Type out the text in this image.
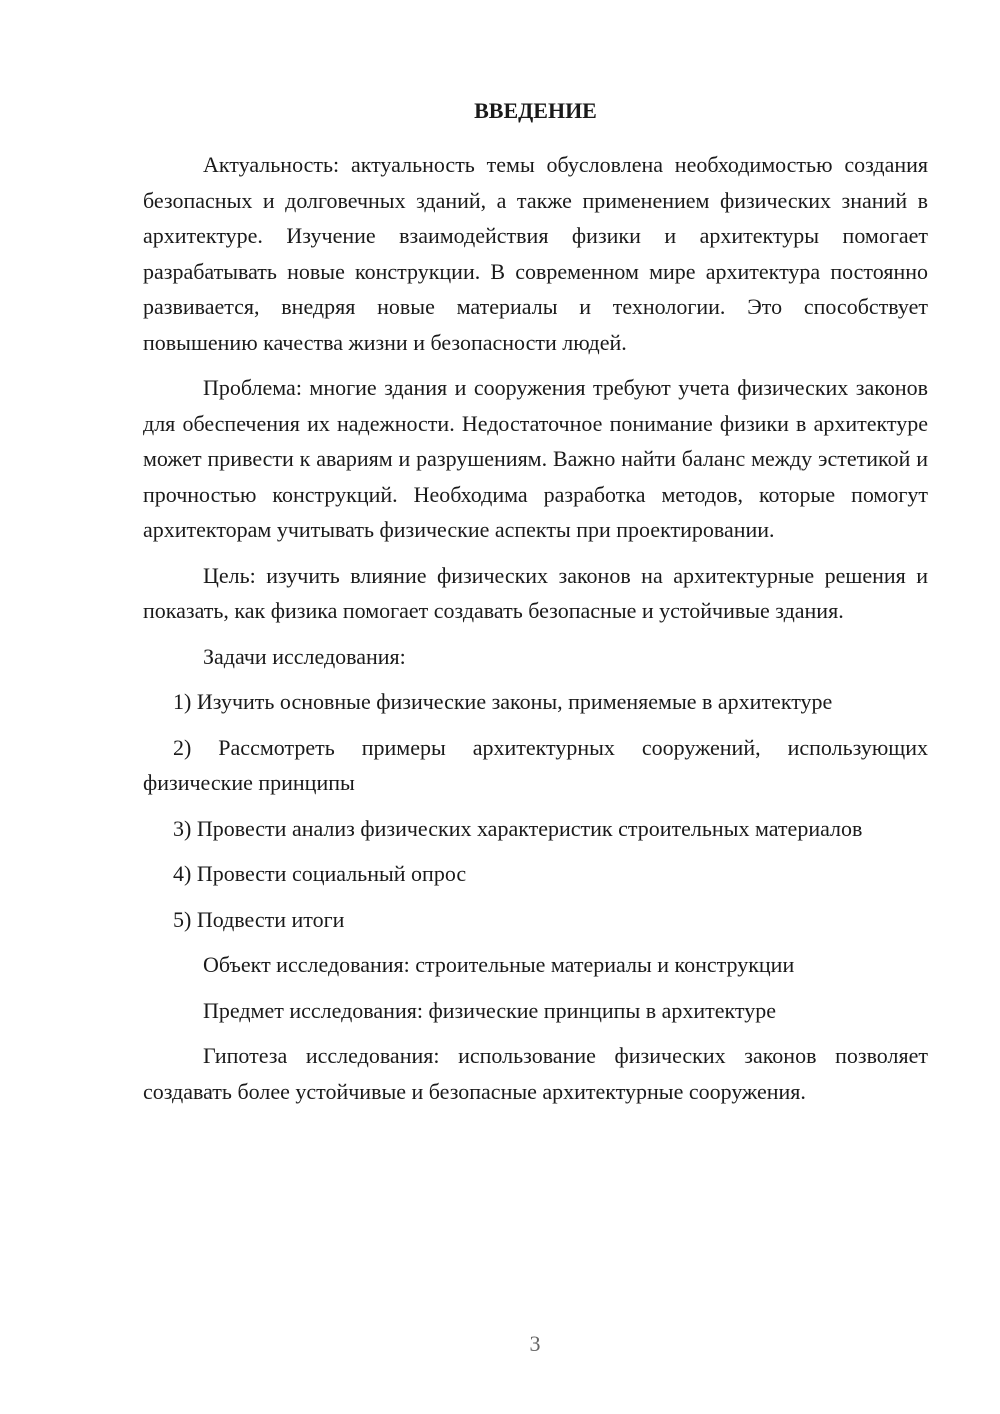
ВВЕДЕНИЕ

Актуальность: актуальность темы обусловлена необходимостью создания безопасных и долговечных зданий, а также применением физических знаний в архитектуре. Изучение взаимодействия физики и архитектуры помогает разрабатывать новые конструкции. В современном мире архитектура постоянно развивается, внедряя новые материалы и технологии. Это способствует повышению качества жизни и безопасности людей.

Проблема: многие здания и сооружения требуют учета физических законов для обеспечения их надежности. Недостаточное понимание физики в архитектуре может привести к авариям и разрушениям. Важно найти баланс между эстетикой и прочностью конструкций. Необходима разработка методов, которые помогут архитекторам учитывать физические аспекты при проектировании.

Цель: изучить влияние физических законов на архитектурные решения и показать, как физика помогает создавать безопасные и устойчивые здания.

Задачи исследования:

1) Изучить основные физические законы, применяемые в архитектуре

2) Рассмотреть примеры архитектурных сооружений, использующих физические принципы

3) Провести анализ физических характеристик строительных материалов

4) Провести социальный опрос

5) Подвести итоги

Объект исследования: строительные материалы и конструкции

Предмет исследования: физические принципы в архитектуре

Гипотеза исследования: использование физических законов позволяет создавать более устойчивые и безопасные архитектурные сооружения.

3
